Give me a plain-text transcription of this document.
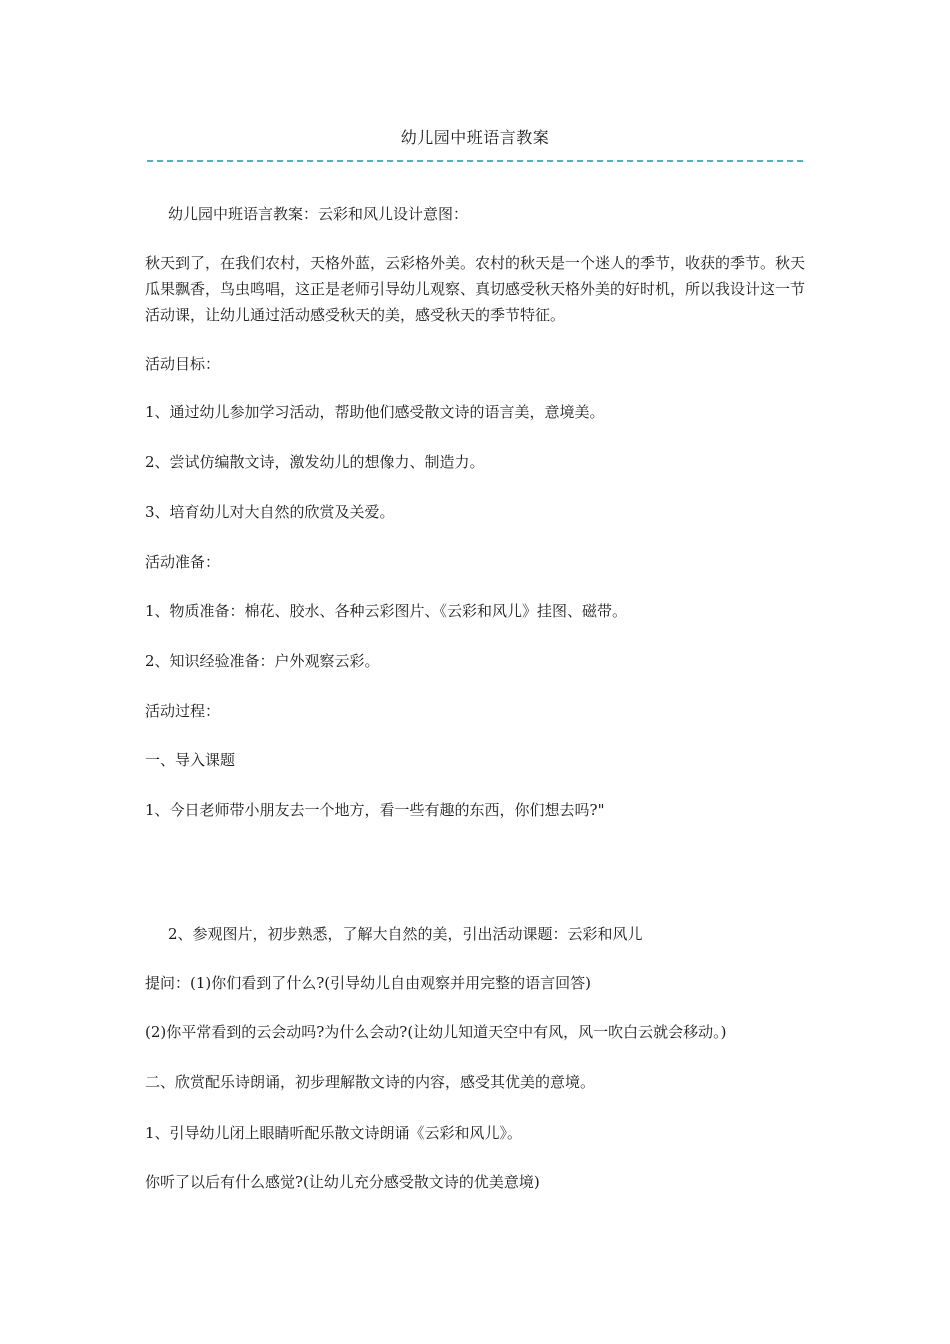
幼儿园中班语言教案

幼儿园中班语言教案：云彩和风儿设计意图：

秋天到了，在我们农村，天格外蓝，云彩格外美。农村的秋天是一个迷人的季节，收获的季节。秋天瓜果飘香，鸟虫鸣唱，这正是老师引导幼儿观察、真切感受秋天格外美的好时机，所以我设计这一节活动课，让幼儿通过活动感受秋天的美，感受秋天的季节特征。

活动目标：

1、通过幼儿参加学习活动，帮助他们感受散文诗的语言美，意境美。

2、尝试仿编散文诗，激发幼儿的想像力、制造力。

3、培育幼儿对大自然的欣赏及关爱。

活动准备：

1、物质准备：棉花、胶水、各种云彩图片、《云彩和风儿》挂图、磁带。

2、知识经验准备：户外观察云彩。

活动过程：

一、导入课题

1、今日老师带小朋友去一个地方，看一些有趣的东西，你们想去吗?"

2、参观图片，初步熟悉，了解大自然的美，引出活动课题：云彩和风儿

提问：(1)你们看到了什么?(引导幼儿自由观察并用完整的语言回答)

(2)你平常看到的云会动吗?为什么会动?(让幼儿知道天空中有风，风一吹白云就会移动。)

二、欣赏配乐诗朗诵，初步理解散文诗的内容，感受其优美的意境。

1、引导幼儿闭上眼睛听配乐散文诗朗诵《云彩和风儿》。

你听了以后有什么感觉?(让幼儿充分感受散文诗的优美意境)
